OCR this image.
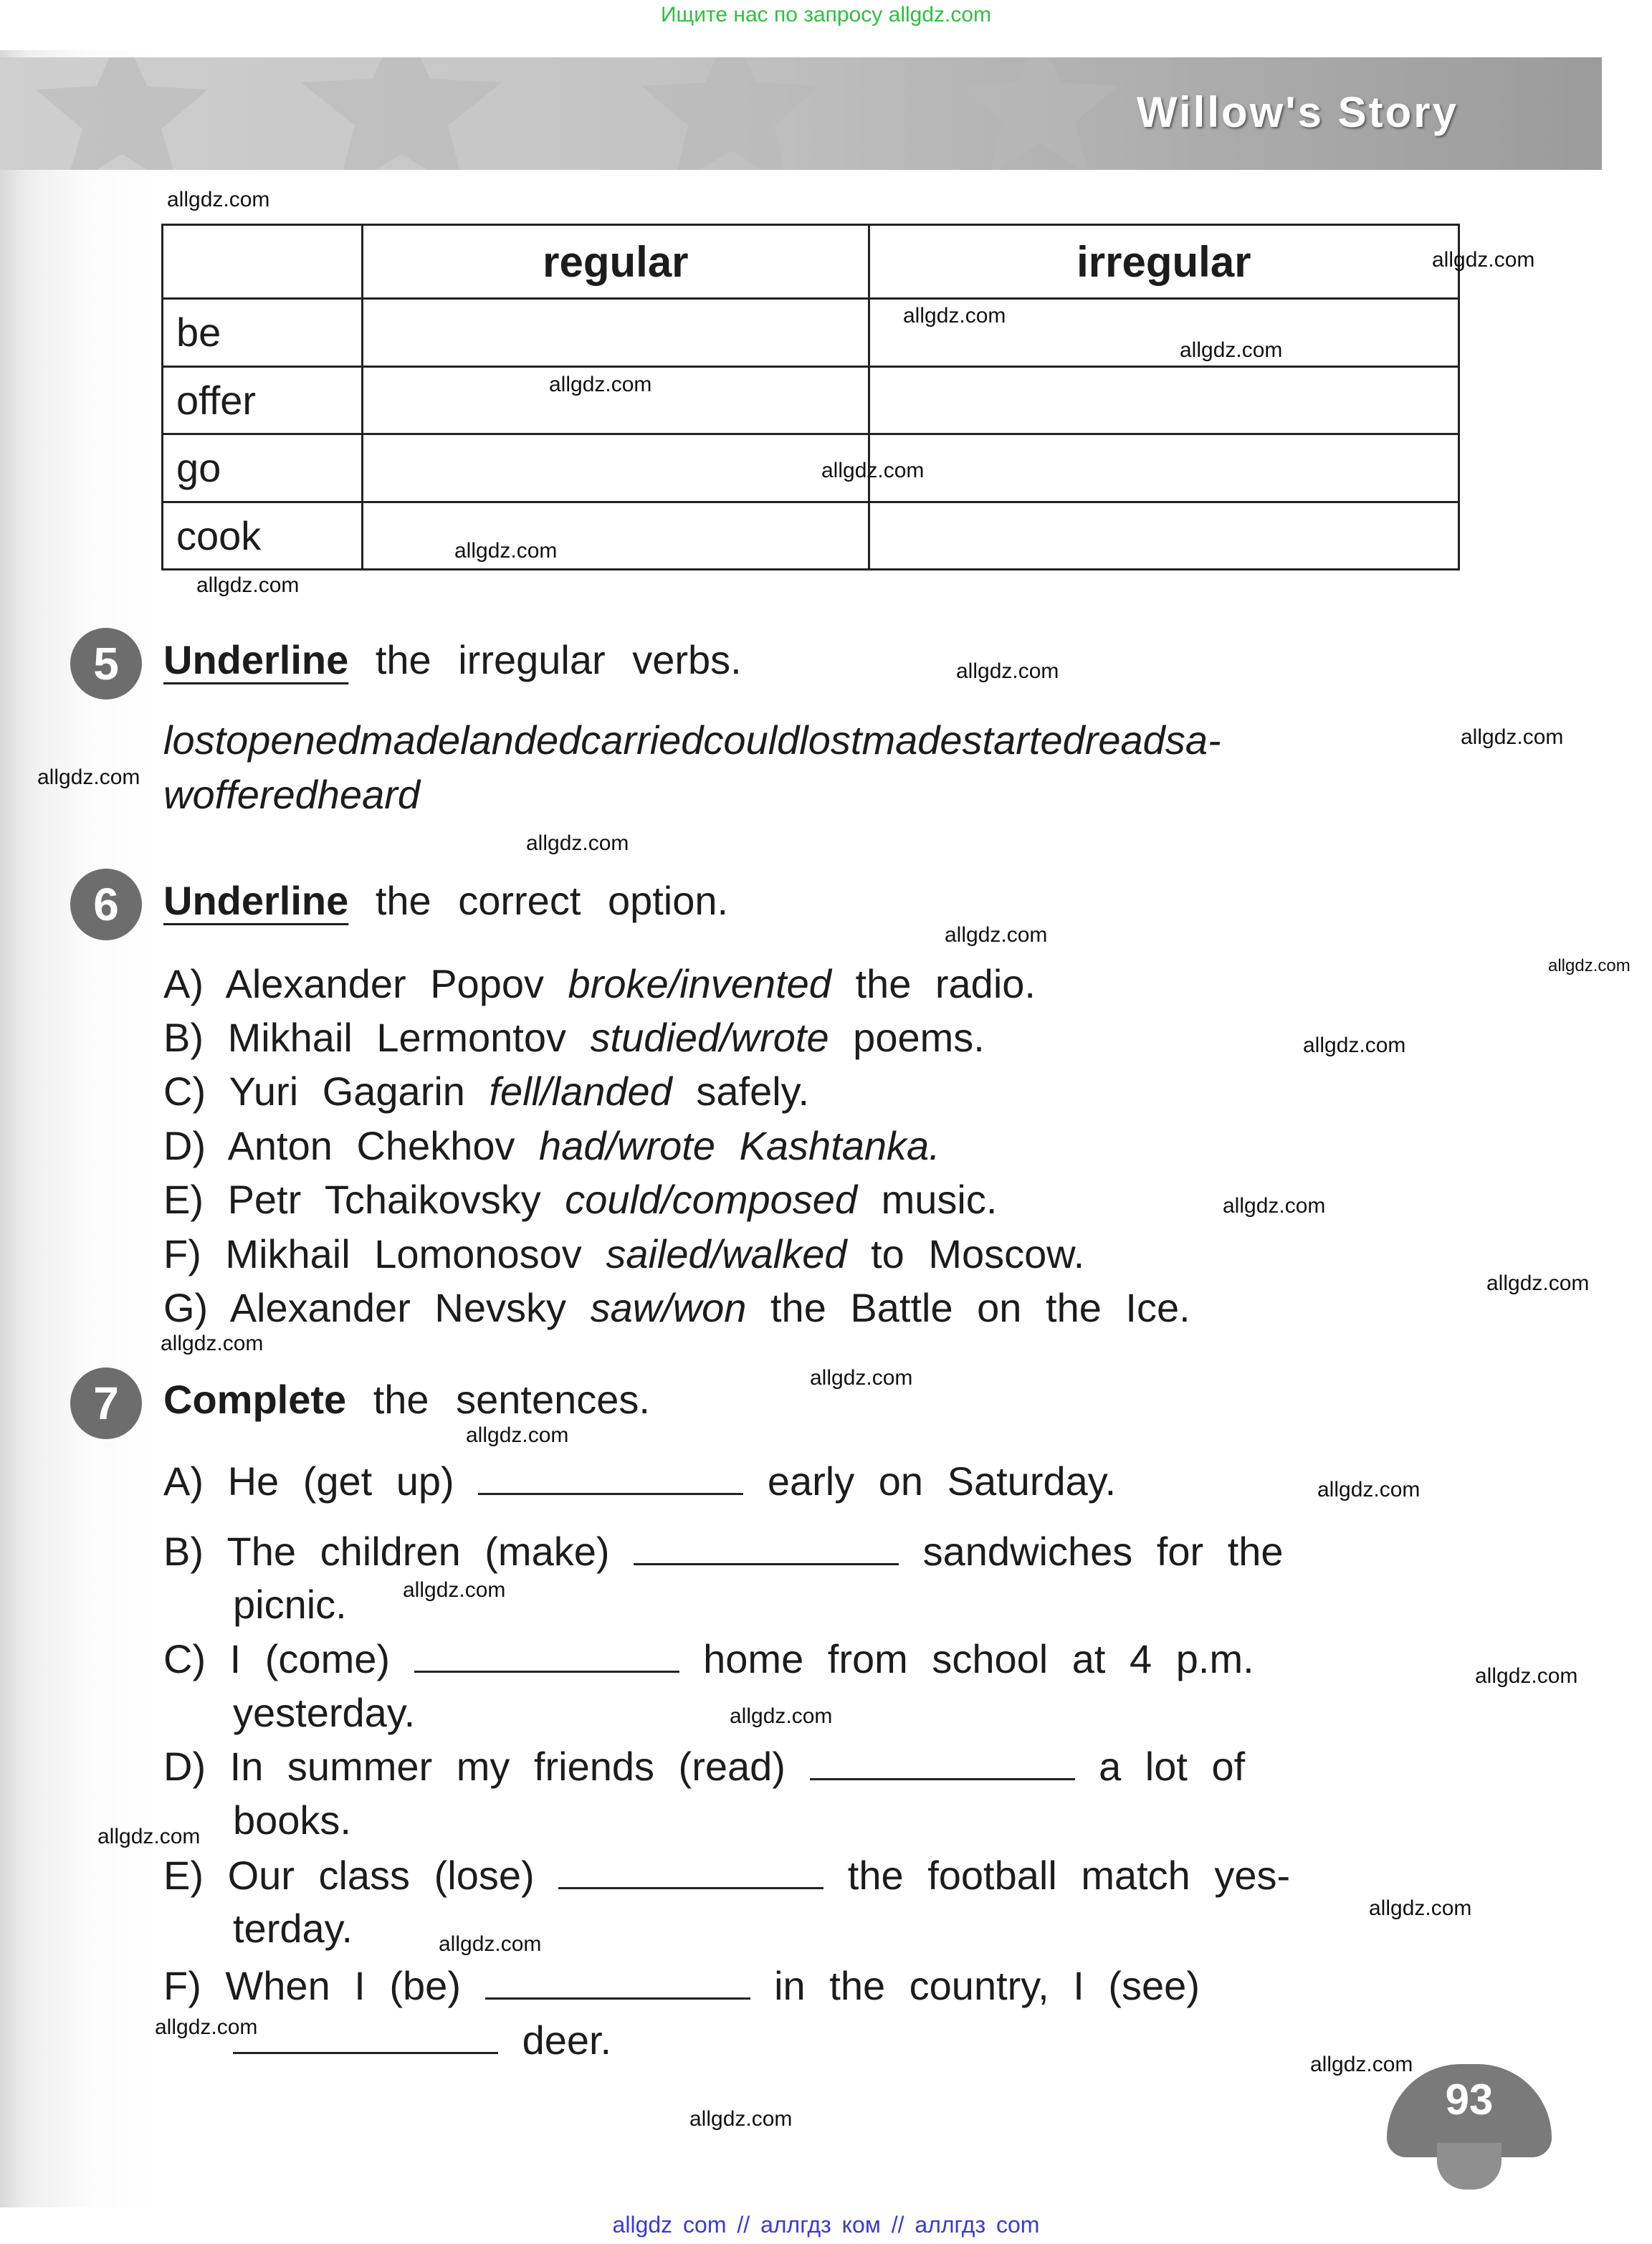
Ищите нас по запросу allgdz.com
Willow's Story
	regular	irregular
be		
offer		
go		
cook		
5	Underline the irregular verbs.
lostopenedmadelandedcarriedcouldlostmadestartedreadsa-
wofferedheard
6	Underline the correct option.
A) Alexander Popov broke/invented the radio.
B) Mikhail Lermontov studied/wrote poems.
C) Yuri Gagarin fell/landed safely.
D) Anton Chekhov had/wrote Kashtanka.
E) Petr Tchaikovsky could/composed music.
F) Mikhail Lomonosov sailed/walked to Moscow.
G) Alexander Nevsky saw/won the Battle on the Ice.
7	Complete the sentences.
A) He (get up)	early on Saturday.
B) The children (make)	sandwiches for the
picnic.
C) I (come)	home from school at 4 p.m.
yesterday.
D) In summer my friends (read)	a lot of
books.
E) Our class (lose)	the football match yes-
terday.
F) When I (be)	in the country, I (see)
deer.
allgdz.com
allgdz.com
allgdz.com
allgdz.com
allgdz.com
allgdz.com
allgdz.com
allgdz.com
allgdz.com
allgdz.com
allgdz.com
allgdz.com
allgdz.com
allgdz.com
allgdz.com
allgdz.com
allgdz.com
allgdz.com
allgdz.com
allgdz.com
allgdz.com
allgdz.com
allgdz.com
allgdz.com
allgdz.com
allgdz.com
allgdz.com
allgdz.com
allgdz.com
allgdz.com	93
allgdz com // аллгдз ком // аллгдз com
